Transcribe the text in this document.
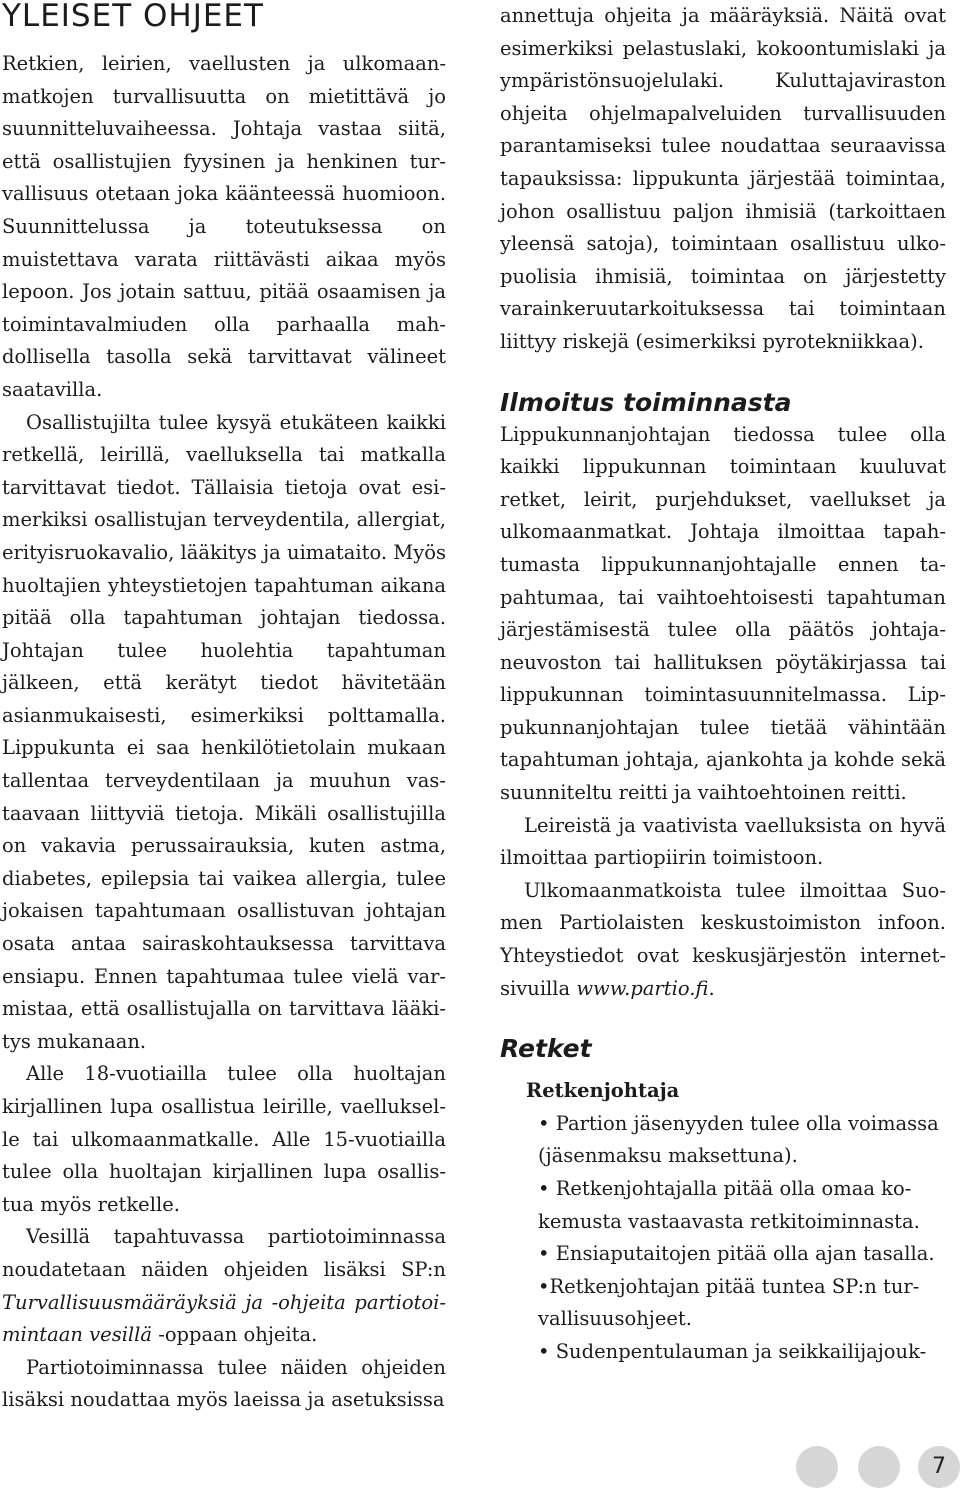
YLEISET OHJEET

Retkien, leirien, vaellusten ja ulkomaanmatkojen turvallisuutta on mietittävä jo suunnitteluvaiheessa. Johtaja vastaa siitä, että osallistujien fyysinen ja henkinen turvallisuus otetaan joka käänteessä huomioon. Suunnittelussa ja toteutuksessa on muistettava varata riittävästi aikaa myös lepoon. Jos jotain sattuu, pitää osaamisen ja toimintavalmiuden olla parhaalla mahdollisella tasolla sekä tarvittavat välineet saatavilla.

Osallistujilta tulee kysyä etukäteen kaikki retkellä, leirillä, vaelluksella tai matkalla tarvittavat tiedot. Tällaisia tietoja ovat esimerkiksi osallistujan terveydentila, allergiat, erityisruokavalio, lääkitys ja uimataito. Myös huoltajien yhteystietojen tapahtuman aikana pitää olla tapahtuman johtajan tiedossa. Johtajan tulee huolehtia tapahtuman jälkeen, että kerätyt tiedot hävitetään asianmukaisesti, esimerkiksi polttamalla. Lippukunta ei saa henkilötietolain mukaan tallentaa terveydentilaan ja muuhun vastaavaan liittyviä tietoja. Mikäli osallistujilla on vakavia perussairauksia, kuten astma, diabetes, epilepsia tai vaikea allergia, tulee jokaisen tapahtumaan osallistuvan johtajan osata antaa sairaskohtauksessa tarvittava ensiapu. Ennen tapahtumaa tulee vielä varmistaa, että osallistujalla on tarvittava lääkitys mukanaan.

Alle 18-vuotiailla tulee olla huoltajan kirjallinen lupa osallistua leirille, vaellukselle tai ulkomaanmatkalle. Alle 15-vuotiailla tulee olla huoltajan kirjallinen lupa osallistua myös retkelle.

Vesillä tapahtuvassa partiotoiminnassa noudatetaan näiden ohjeiden lisäksi SP:n Turvallisuusmääräyksiä ja -ohjeita partiotoimintaan vesillä -oppaan ohjeita.

Partiotoiminnassa tulee näiden ohjeiden lisäksi noudattaa myös laeissa ja asetuksissa

annettuja ohjeita ja määräyksiä. Näitä ovat esimerkiksi pelastuslaki, kokoontumislaki ja ympäristönsuojelulaki. Kuluttajaviraston ohjeita ohjelmapalveluiden turvallisuuden parantamiseksi tulee noudattaa seuraavissa tapauksissa: lippukunta järjestää toimintaa, johon osallistuu paljon ihmisiä (tarkoittaen yleensä satoja), toimintaan osallistuu ulkopuolisia ihmisiä, toimintaa on järjestetty varainkeruutarkoituksessa tai toimintaan liittyy riskejä (esimerkiksi pyrotekniikkaa).

Ilmoitus toiminnasta

Lippukunnanjohtajan tiedossa tulee olla kaikki lippukunnan toimintaan kuuluvat retket, leirit, purjehdukset, vaellukset ja ulkomaanmatkat. Johtaja ilmoittaa tapahtumasta lippukunnanjohtajalle ennen tapahtumaa, tai vaihtoehtoisesti tapahtuman järjestämisestä tulee olla päätös johtajaneuvoston tai hallituksen pöytäkirjassa tai lippukunnan toimintasuunnitelmassa. Lippukunnanjohtajan tulee tietää vähintään tapahtuman johtaja, ajankohta ja kohde sekä suunniteltu reitti ja vaihtoehtoinen reitti.

Leireistä ja vaativista vaelluksista on hyvä ilmoittaa partiopiirin toimistoon.

Ulkomaanmatkoista tulee ilmoittaa Suomen Partiolaisten keskustoimiston infoon. Yhteystiedot ovat keskusjärjestön internetsivuilla www.partio.fi.

Retket
Retkenjohtaja
• Partion jäsenyyden tulee olla voimassa (jäsenmaksu maksettuna).
• Retkenjohtajalla pitää olla omaa kokemusta vastaavasta retkitoiminnasta.
• Ensiaputaitojen pitää olla ajan tasalla.
•Retkenjohtajan pitää tuntea SP:n turvallisuusohjeet.
• Sudenpentulauman ja seikkailijajouk-
7
